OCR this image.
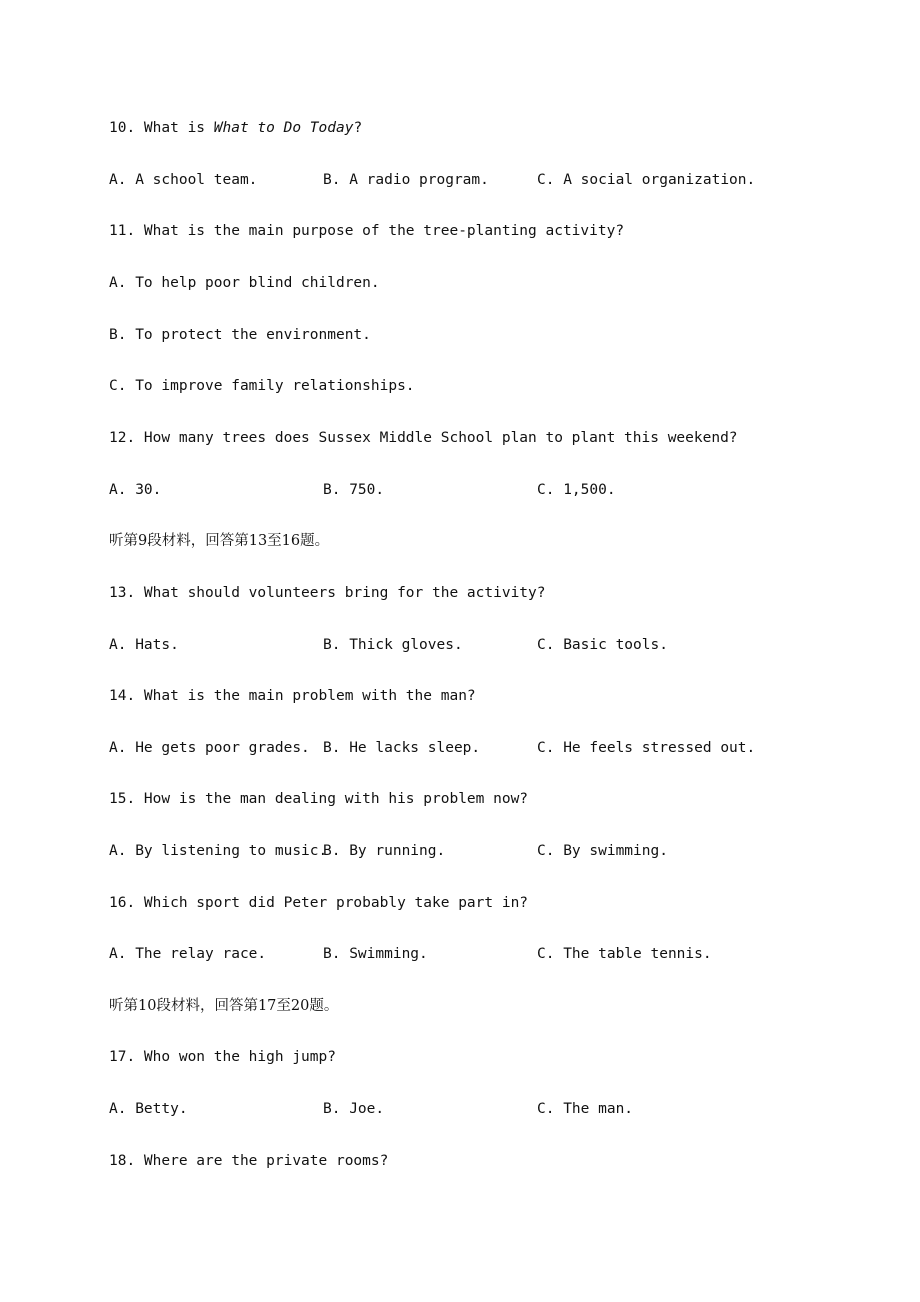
10. What is What to Do Today?
A. A school team.	B. A radio program.	C. A social organization.
11. What is the main purpose of the tree-planting activity?
A. To help poor blind children.
B. To protect the environment.
C. To improve family relationships.
12. How many trees does Sussex Middle School plan to plant this weekend?
A. 30.	B. 750.	C. 1,500.
听第9段材料，回答第13至16题。
13. What should volunteers bring for the activity?
A. Hats.	B. Thick gloves.	C. Basic tools.
14. What is the main problem with the man?
A. He gets poor grades. B. He lacks sleep.	C. He feels stressed out.
15. How is the man dealing with his problem now?
A. By listening to music.
B. By running.	C. By swimming.
16. Which sport did Peter probably take part in?
A. The relay race.	B. Swimming.	C. The table tennis.
听第10段材料，回答第17至20题。
17. Who won the high jump?
A. Betty.	B. Joe.	C. The man.
18. Where are the private rooms?
